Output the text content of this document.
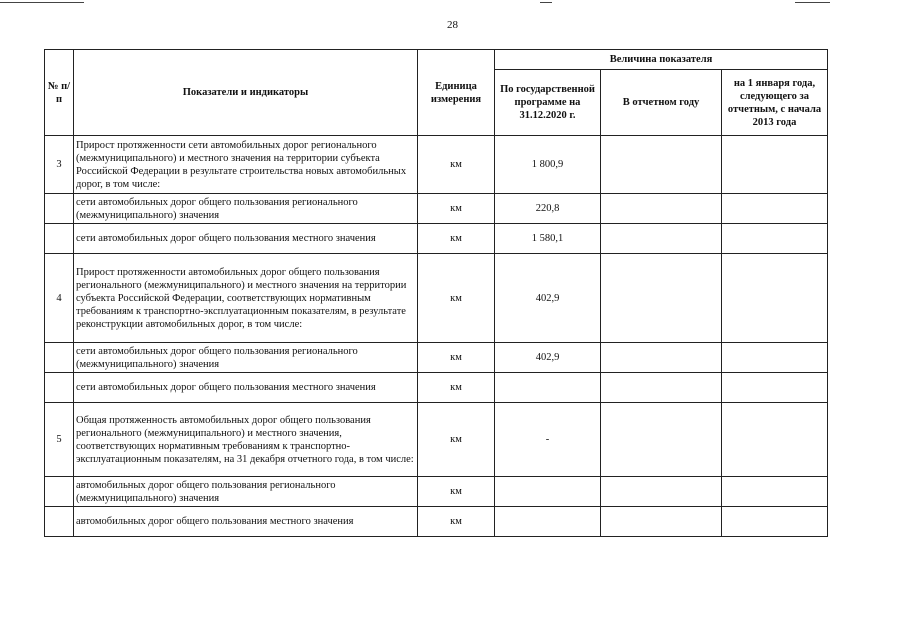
28
№ п/п	Показатели и индикаторы	Единица измерения	Величина показателя		
			По государственной программе на 31.12.2020 г.	В отчетном году	на 1 января года, следующего за отчетным, с начала 2013 года
3	Прирост протяженности сети автомобильных дорог регионального (межмуниципального) и местного значения на территории субъекта Российской Федерации в результате строительства новых автомобильных дорог, в том числе:	км	1 800,9		
	сети автомобильных дорог общего пользования регионального (межмуниципального) значения	км	220,8		
	сети автомобильных дорог общего пользования местного значения	км	1 580,1		
4	Прирост протяженности автомобильных дорог общего пользования регионального (межмуниципального) и местного значения на территории субъекта Российской Федерации, соответствующих нормативным требованиям к транспортно-эксплуатационным показателям, в результате реконструкции автомобильных дорог, в том числе:	км	402,9		
	сети автомобильных дорог общего пользования регионального (межмуниципального) значения	км	402,9		
	сети автомобильных дорог общего пользования местного значения	км			
5	Общая протяженность автомобильных дорог общего пользования регионального (межмуниципального) и местного значения, соответствующих нормативным требованиям к транспортно-эксплуатационным показателям, на 31 декабря отчетного года, в том числе:	км	-		
	автомобильных дорог общего пользования регионального (межмуниципального) значения	км			
	автомобильных дорог общего пользования местного значения	км			
